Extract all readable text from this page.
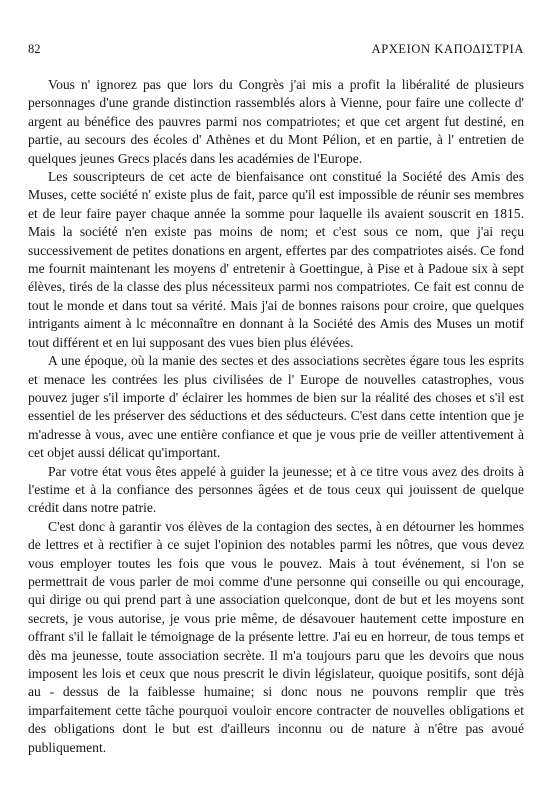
82	ΑΡΧΕΙΟΝ ΚΑΠΟΔΙΣΤΡΙΑ

Vous n' ignorez pas que lors du Congrès j'ai mis a profit la libéralité de plusieurs personnages d'une grande distinction rassemblés alors à Vienne, pour faire une collecte d' argent au bénéfice des pauvres parmi nos compatriotes; et que cet argent fut destiné, en partie, au secours des écoles d' Athènes et du Mont Pélion, et en partie, à l' entretien de quelques jeunes Grecs placés dans les académies de l'Europe.

Les souscripteurs de cet acte de bienfaisance ont constitué la Société des Amis des Muses, cette société n' existe plus de fait, parce qu'il est impossible de réunir ses membres et de leur faire payer chaque année la somme pour laquelle ils avaient souscrit en 1815. Mais la société n'en existe pas moins de nom; et c'est sous ce nom, que j'ai reçu successivement de petites donations en argent, effertes par des compatriotes aisés. Ce fond me fournit maintenant les moyens d' entretenir à Goettingue, à Pise et à Padoue six à sept élèves, tirés de la classe des plus nécessiteux parmi nos compatriotes. Ce fait est connu de tout le monde et dans tout sa vérité. Mais j'ai de bonnes raisons pour croire, que quelques intrigants aiment à lc méconnaître en donnant à la Société des Amis des Muses un motif tout différent et en lui supposant des vues bien plus élévées.

A une époque, où la manie des sectes et des associations secrètes égare tous les esprits et menace les contrées les plus civilisées de l' Europe de nouvelles catastrophes, vous pouvez juger s'il importe d' éclairer les hommes de bien sur la réalité des choses et s'il est essentiel de les préserver des séductions et des séducteurs. C'est dans cette intention que je m'adresse à vous, avec une entière confiance et que je vous prie de veiller attentivement à cet objet aussi délicat qu'important.

Par votre état vous êtes appelé à guider la jeunesse; et à ce titre vous avez des droits à l'estime et à la confiance des personnes âgées et de tous ceux qui jouissent de quelque crédit dans notre patrie.

C'est donc à garantir vos élèves de la contagion des sectes, à en détourner les hommes de lettres et à rectifier à ce sujet l'opinion des notables parmi les nôtres, que vous devez vous employer toutes les fois que vous le pouvez. Mais à tout événement, si l'on se permettrait de vous parler de moi comme d'une personne qui conseille ou qui encourage, qui dirige ou qui prend part à une association quelconque, dont de but et les moyens sont secrets, je vous autorise, je vous prie même, de désavouer hautement cette imposture en offrant s'il le fallait le témoignage de la présente lettre. J'ai eu en horreur, de tous temps et dès ma jeunesse, toute association secrète. Il m'a toujours paru que les devoirs que nous imposent les lois et ceux que nous prescrit le divin législateur, quoique positifs, sont déjà au - dessus de la faiblesse humaine; si donc nous ne pouvons remplir que très imparfaitement cette tâche pourquoi vouloir encore contracter de nouvelles obligations et des obligations dont le but est d'ailleurs inconnu ou de nature à n'être pas avoué publiquement.
